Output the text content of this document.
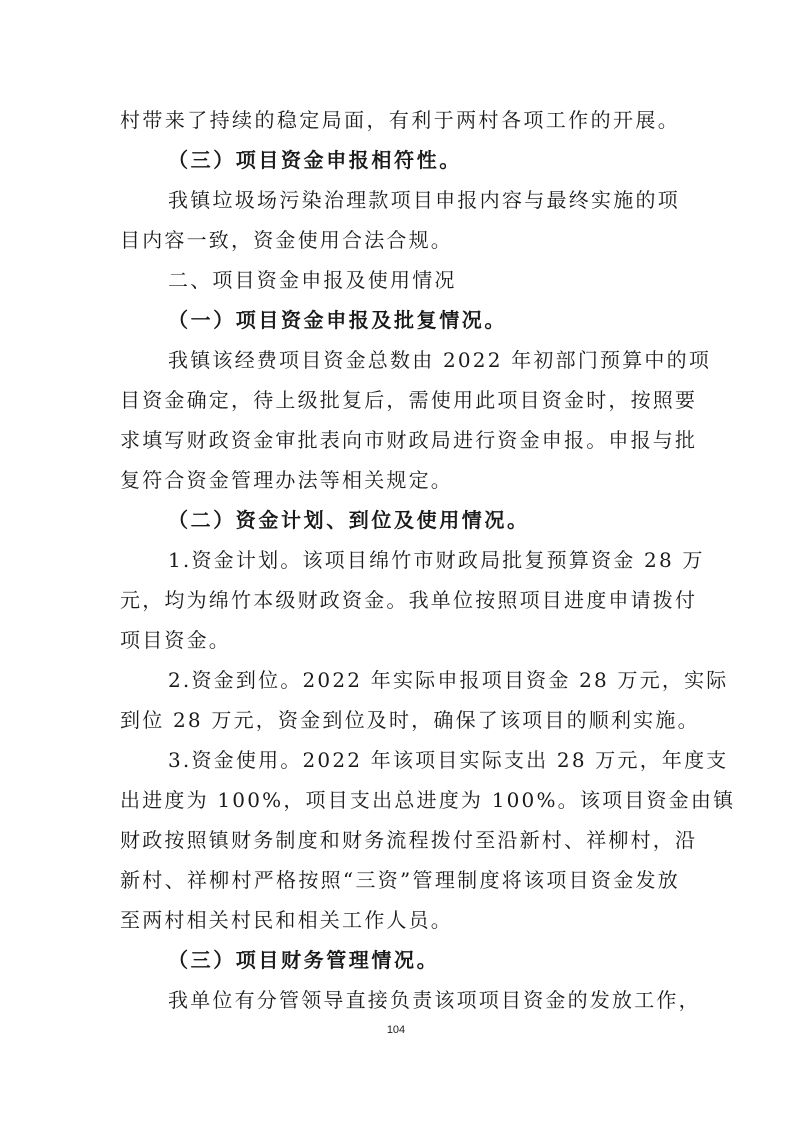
村带来了持续的稳定局面，有利于两村各项工作的开展。
（三）项目资金申报相符性。
我镇垃圾场污染治理款项目申报内容与最终实施的项
目内容一致，资金使用合法合规。
二、项目资金申报及使用情况
（一）项目资金申报及批复情况。
我镇该经费项目资金总数由 2022 年初部门预算中的项
目资金确定，待上级批复后，需使用此项目资金时，按照要
求填写财政资金审批表向市财政局进行资金申报。申报与批
复符合资金管理办法等相关规定。
（二）资金计划、到位及使用情况。
1.资金计划。该项目绵竹市财政局批复预算资金 28 万
元，均为绵竹本级财政资金。我单位按照项目进度申请拨付
项目资金。
2.资金到位。2022 年实际申报项目资金 28 万元，实际
到位 28 万元，资金到位及时，确保了该项目的顺利实施。
3.资金使用。2022 年该项目实际支出 28 万元，年度支
出进度为 100%，项目支出总进度为 100%。该项目资金由镇
财政按照镇财务制度和财务流程拨付至沿新村、祥柳村，沿
新村、祥柳村严格按照“三资”管理制度将该项目资金发放
至两村相关村民和相关工作人员。
（三）项目财务管理情况。
我单位有分管领导直接负责该项项目资金的发放工作，
104
